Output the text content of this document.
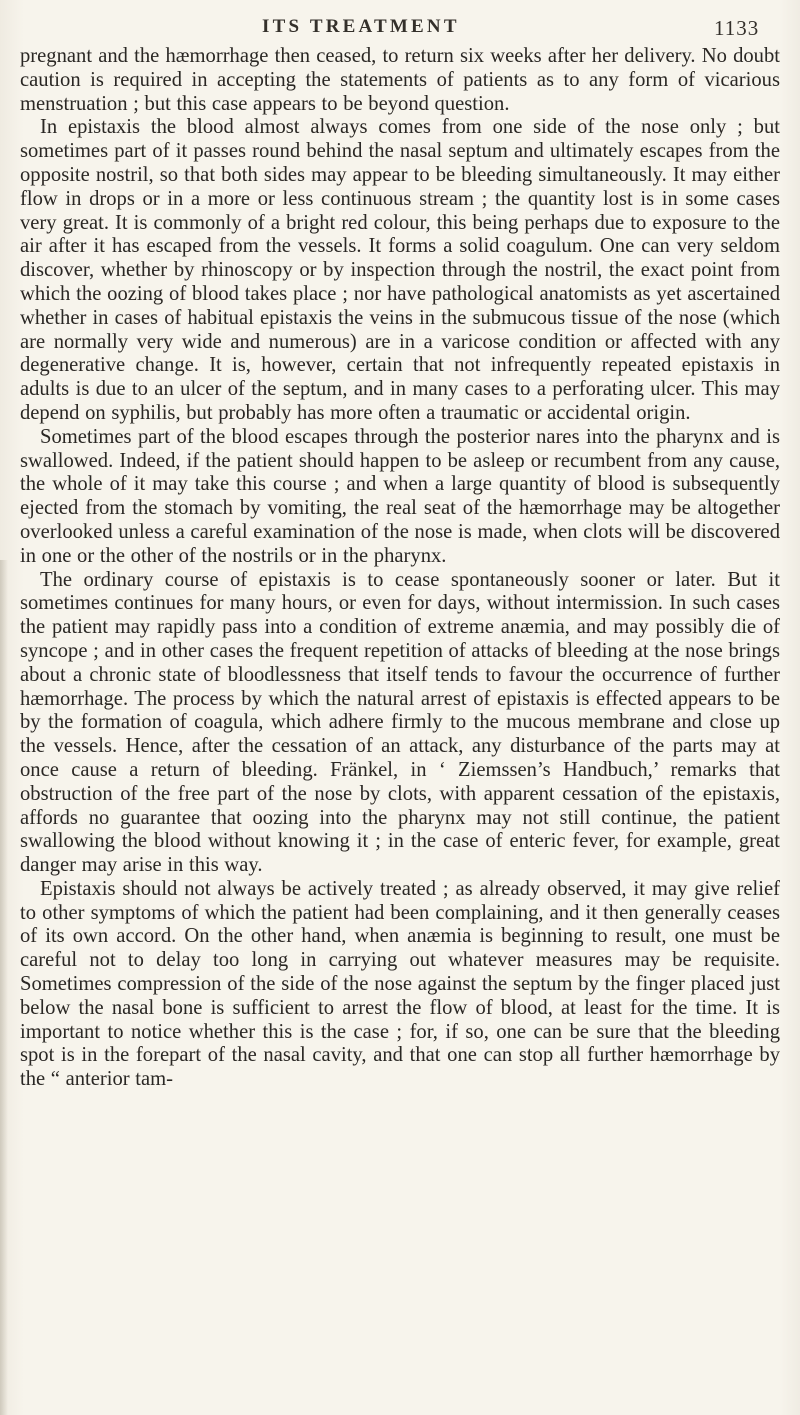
ITS TREATMENT	1133

pregnant and the hæmorrhage then ceased, to return six weeks after her delivery. No doubt caution is required in accepting the statements of patients as to any form of vicarious menstruation ; but this case appears to be beyond question.

In epistaxis the blood almost always comes from one side of the nose only ; but sometimes part of it passes round behind the nasal septum and ultimately escapes from the opposite nostril, so that both sides may appear to be bleeding simultaneously. It may either flow in drops or in a more or less continuous stream ; the quantity lost is in some cases very great. It is commonly of a bright red colour, this being perhaps due to exposure to the air after it has escaped from the vessels. It forms a solid coagulum. One can very seldom discover, whether by rhinoscopy or by inspection through the nostril, the exact point from which the oozing of blood takes place ; nor have pathological anatomists as yet ascertained whether in cases of habitual epistaxis the veins in the submucous tissue of the nose (which are normally very wide and numerous) are in a varicose condition or affected with any degenerative change. It is, however, certain that not infrequently repeated epistaxis in adults is due to an ulcer of the septum, and in many cases to a perforating ulcer. This may depend on syphilis, but probably has more often a traumatic or accidental origin.

Sometimes part of the blood escapes through the posterior nares into the pharynx and is swallowed. Indeed, if the patient should happen to be asleep or recumbent from any cause, the whole of it may take this course ; and when a large quantity of blood is subsequently ejected from the stomach by vomiting, the real seat of the hæmorrhage may be altogether overlooked unless a careful examination of the nose is made, when clots will be discovered in one or the other of the nostrils or in the pharynx.

The ordinary course of epistaxis is to cease spontaneously sooner or later. But it sometimes continues for many hours, or even for days, without intermission. In such cases the patient may rapidly pass into a condition of extreme anæmia, and may possibly die of syncope ; and in other cases the frequent repetition of attacks of bleeding at the nose brings about a chronic state of bloodlessness that itself tends to favour the occurrence of further hæmorrhage. The process by which the natural arrest of epistaxis is effected appears to be by the formation of coagula, which adhere firmly to the mucous membrane and close up the vessels. Hence, after the cessation of an attack, any disturbance of the parts may at once cause a return of bleeding. Fränkel, in ‘ Ziemssen’s Handbuch,’ remarks that obstruction of the free part of the nose by clots, with apparent cessation of the epistaxis, affords no guarantee that oozing into the pharynx may not still continue, the patient swallowing the blood without knowing it ; in the case of enteric fever, for example, great danger may arise in this way.

Epistaxis should not always be actively treated ; as already observed, it may give relief to other symptoms of which the patient had been complaining, and it then generally ceases of its own accord. On the other hand, when anæmia is beginning to result, one must be careful not to delay too long in carrying out whatever measures may be requisite. Sometimes compression of the side of the nose against the septum by the finger placed just below the nasal bone is sufficient to arrest the flow of blood, at least for the time. It is important to notice whether this is the case ; for, if so, one can be sure that the bleeding spot is in the forepart of the nasal cavity, and that one can stop all further hæmorrhage by the “ anterior tam-
